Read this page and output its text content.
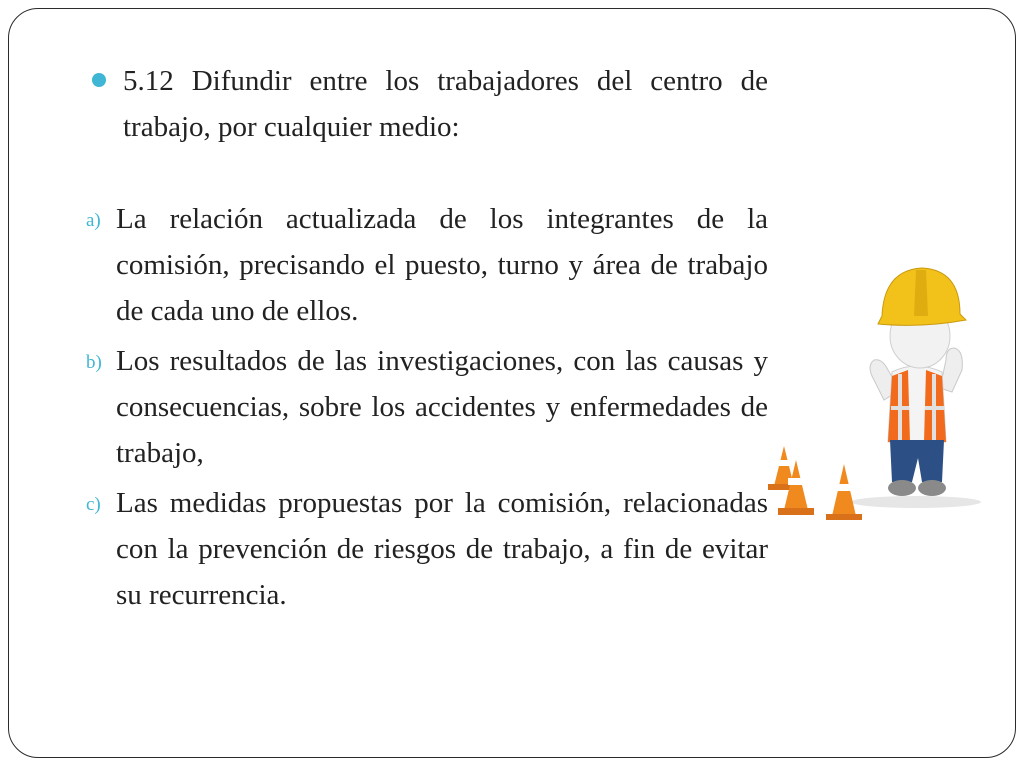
5.12 Difundir entre los trabajadores del centro de trabajo, por cualquier medio:
a) La relación actualizada de los integrantes de la comisión, precisando el puesto, turno y área de trabajo de cada uno de ellos.
b) Los resultados de las investigaciones, con las causas y consecuencias, sobre los accidentes y enfermedades de trabajo,
c) Las medidas propuestas por la comisión, relacionadas con la prevención de riesgos de trabajo, a fin de evitar su recurrencia.
